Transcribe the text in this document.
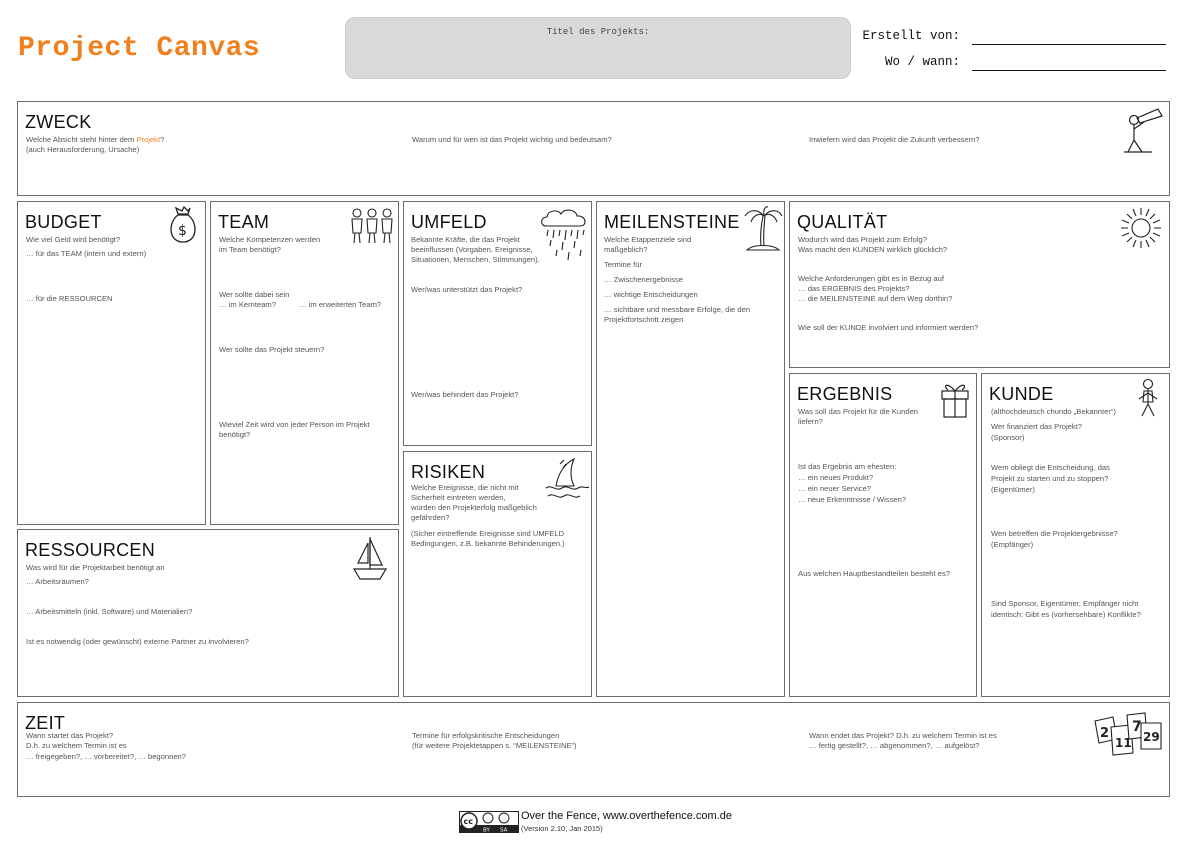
Project Canvas
Titel des Projekts:	Erstellt von:
Wo / wann:
ZWECK
Welche Absicht steht hinter dem Projekt?
(auch Herausforderung, Ursache)
Warum und für wen ist das Projekt wichtig und bedeutsam?	Inwiefern wird das Projekt die Zukunft verbessern?
BUDGET
Wie viel Geld wird benötigt?
… für das TEAM (intern und extern)
… für die RESSOURCEN
$ TEAM
Welche Kompetenzen werden
im Team benötigt?
Wer sollte dabei sein
… im Kernteam?	… im erweiterten Team?
Wer sollte das Projekt steuern?
Wieviel Zeit wird von jeder Person im Projekt
benötigt?
UMFELD
Bekannte Kräfte, die das Projekt
beeinflussen (Vorgaben, Ereignisse,
Situationen, Menschen, Stimmungen).
Wer/was unterstützt das Projekt?
Wer/was behindert das Projekt?
RISIKEN
Welche Ereignisse, die nicht mit
Sicherheit eintreten werden,
würden den Projekterfolg maßgeblich
gefährden?
(Sicher eintreffende Ereignisse sind UMFELD
Bedingungen, z.B. bekannte Behinderungen.)
MEILENSTEINE
Welche Etappenziele sind
maßgeblich?
Termine für
… Zwischenergebnisse
… wichtige Entscheidungen
… sichtbare und messbare Erfolge, die den
Projektfortschritt zeigen
QUALITÄT
Wodurch wird das Projekt zum Erfolg?
Was macht den KUNDEN wirklich glücklich?
Welche Anforderungen gibt es in Bezug auf
… das ERGEBNIS des Projekts?
… die MEILENSTEINE auf dem Weg dorthin?
Wie soll der KUNDE involviert und informiert werden?
ERGEBNIS
Was soll das Projekt für die Kunden
liefern?
Ist das Ergebnis am ehesten:
… ein neues Produkt?
… ein neuer Service?
… neue Erkenntnisse / Wissen?
Aus welchen Hauptbestandteilen besteht es?
KUNDE
(althochdeutsch chundo „Bekannter“)
Wer finanziert das Projekt?
(Sponsor)
Wem obliegt die Entscheidung, das
Projekt zu starten und zu stoppen?
(Eigentümer)
Wen betreffen die Projektergebnisse?
(Empfänger)
Sind Sponsor, Eigentümer, Empfänger nicht
identisch: Gibt es (vorhersehbare) Konflikte?
RESSOURCEN
Was wird für die Projektarbeit benötigt an
… Arbeitsräumen?
… Arbeitsmitteln (inkl. Software) und Materialien?
Ist es notwendig (oder gewünscht) externe Partner zu involvieren?
ZEIT
Wann startet das Projekt?
D.h. zu welchem Termin ist es
… freigegeben?, … vorbereitet?, … begonnen?
Termine für erfolgskritische Entscheidungen
(für weitere Projektetappen s. “MEILENSTEINE”)
Wann endet das Projekt? D.h. zu welchem Termin ist es
… fertig gestellt?, … abgenommen?, … aufgelöst?
2
11
7
29
cc
BY SA
Over the Fence, www.overthefence.com.de
(Version 2.10, Jan 2015)
